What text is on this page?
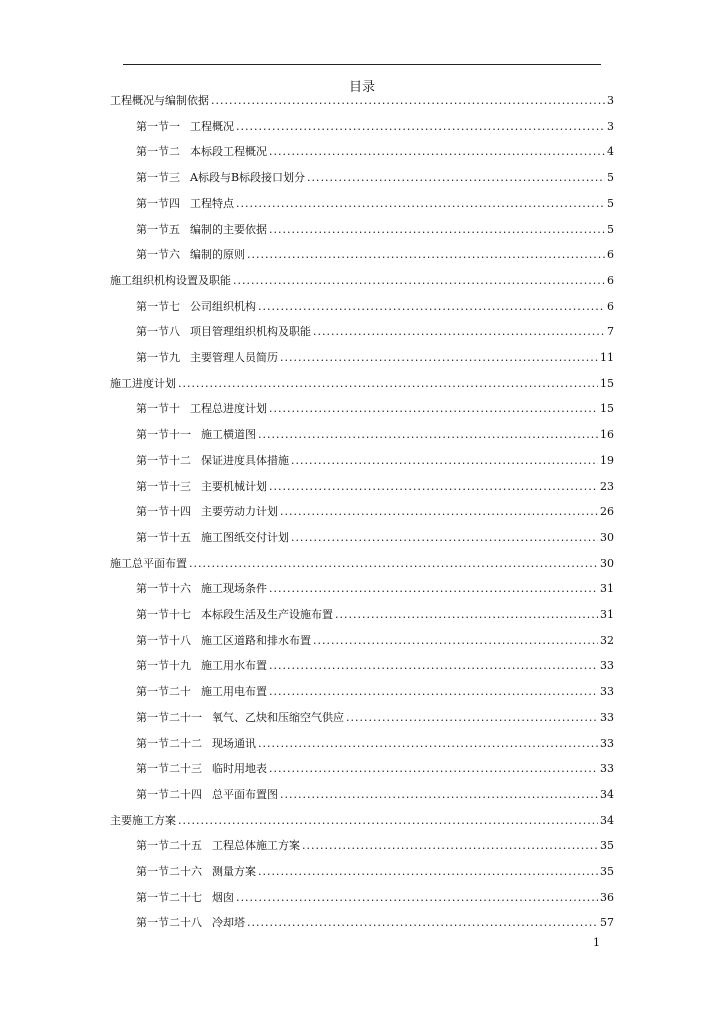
目录
工程概况与编制依据 .....	3
第一节一 工程概况 .....	3
第一节二 本标段工程概况 .....	4
第一节三 A标段与B标段接口划分 .....	5
第一节四 工程特点 .....	5
第一节五 编制的主要依据 .....	5
第一节六 编制的原则 .....	6
施工组织机构设置及职能 .....	6
第一节七 公司组织机构 .....	6
第一节八 项目管理组织机构及职能 .....	7
第一节九 主要管理人员简历 .....	11
施工进度计划 .....	15
第一节十 工程总进度计划 .....	15
第一节十一 施工横道图 .....	16
第一节十二 保证进度具体措施 .....	19
第一节十三 主要机械计划 .....	23
第一节十四 主要劳动力计划 .....	26
第一节十五 施工图纸交付计划 .....	30
施工总平面布置 .....	30
第一节十六 施工现场条件 .....	31
第一节十七 本标段生活及生产设施布置 .....	31
第一节十八 施工区道路和排水布置 .....	32
第一节十九 施工用水布置 .....	33
第一节二十 施工用电布置 .....	33
第一节二十一 氧气、乙炔和压缩空气供应 .....	33
第一节二十二 现场通讯 .....	33
第一节二十三 临时用地表 .....	33
第一节二十四 总平面布置图 .....	34
主要施工方案 .....	34
第一节二十五 工程总体施工方案 .....	35
第一节二十六 测量方案 .....	35
第一节二十七 烟囱 .....	36
第一节二十八 冷却塔 .....	57
1
